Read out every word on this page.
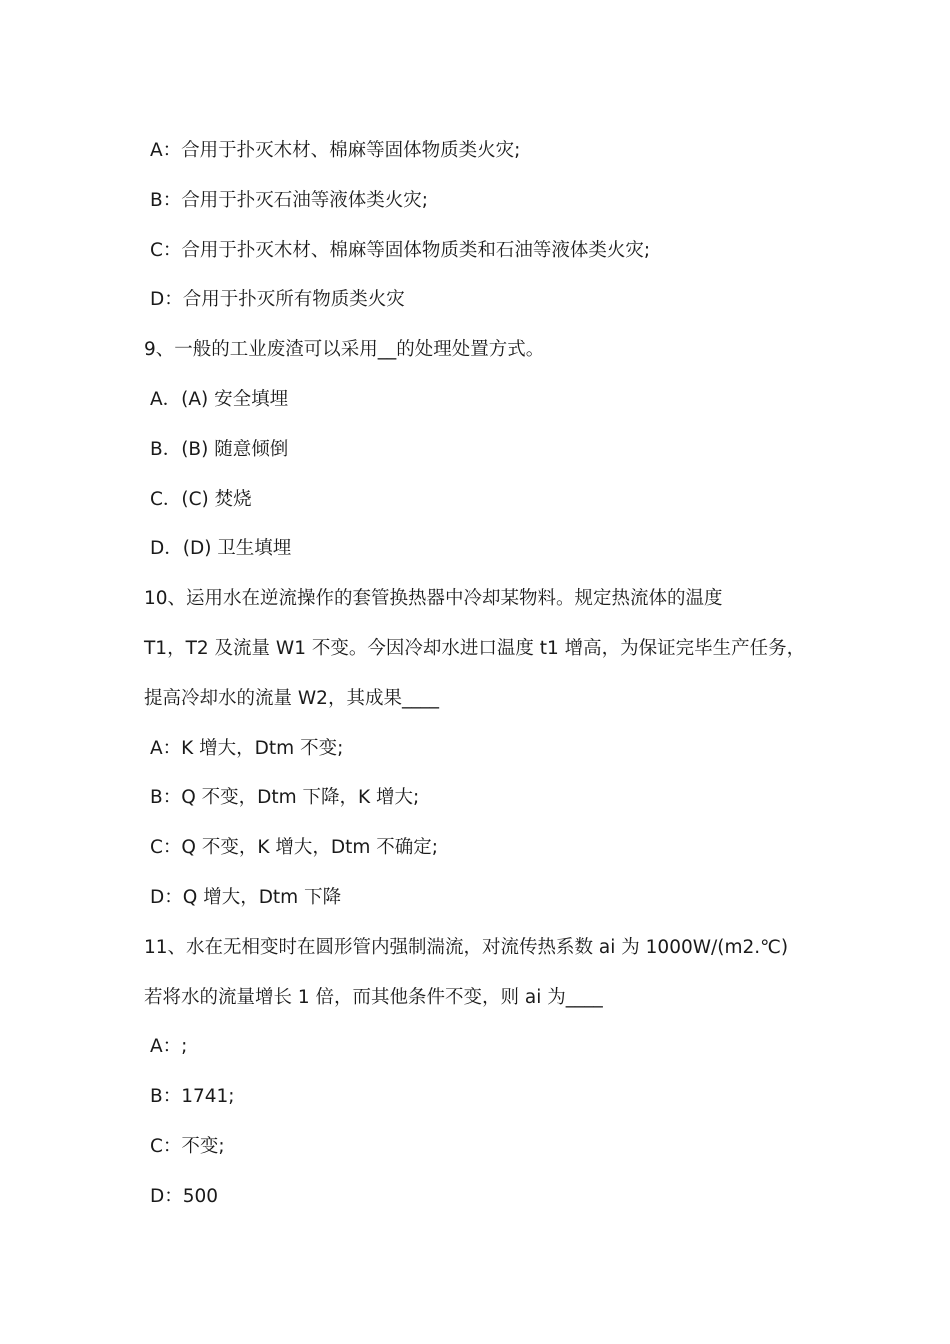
A：合用于扑灭木材、棉麻等固体物质类火灾;
B：合用于扑灭石油等液体类火灾;
C：合用于扑灭木材、棉麻等固体物质类和石油等液体类火灾;
D：合用于扑灭所有物质类火灾
9、一般的工业废渣可以采用__的处理处置方式。
A．(A) 安全填埋
B．(B) 随意倾倒
C．(C) 焚烧
D．(D) 卫生填埋
10、运用水在逆流操作的套管换热器中冷却某物料。规定热流体的温度
T1，T2 及流量 W1 不变。今因冷却水进口温度 t1 增高，为保证完毕生产任务，
提高冷却水的流量 W2，其成果____
A：K 增大，Dtm 不变;
B：Q 不变，Dtm 下降，K 增大;
C：Q 不变，K 增大，Dtm 不确定;
D：Q 增大，Dtm 下降
11、水在无相变时在圆形管内强制湍流，对流传热系数 ai 为 1000W/(m2.℃)
若将水的流量增长 1 倍，而其他条件不变，则 ai 为____
A：;
B：1741;
C：不变;
D：500
